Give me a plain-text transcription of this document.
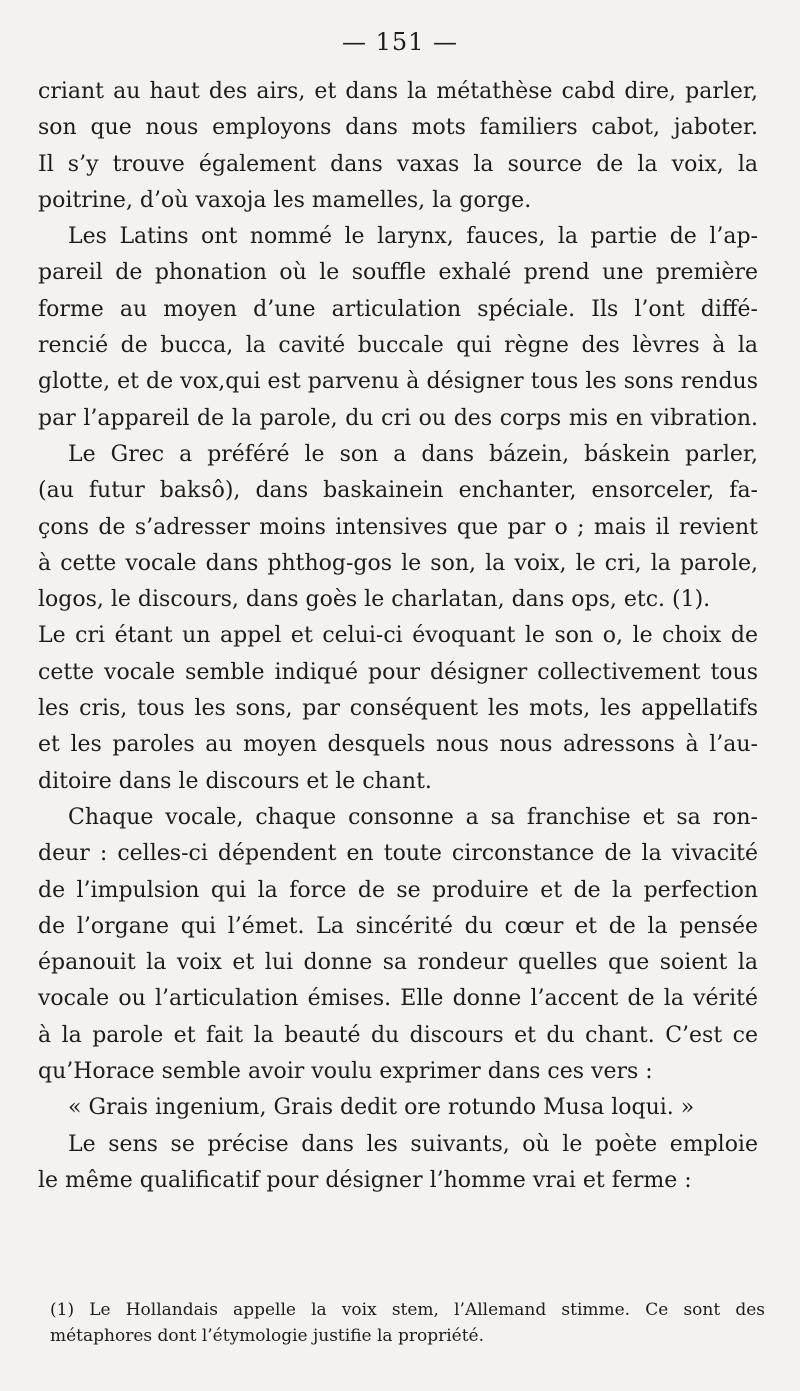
— 151 —
criant au haut des airs, et dans la métathèse cabd dire, parler,
son que nous employons dans mots familiers cabot, jaboter.
Il s’y trouve également dans vaxas la source de la voix, la
poitrine, d’où vaxoja les mamelles, la gorge.
Les Latins ont nommé le larynx, fauces, la partie de l’ap-
pareil de phonation où le souffle exhalé prend une première
forme au moyen d’une articulation spéciale. Ils l’ont diffé-
rencié de bucca, la cavité buccale qui règne des lèvres à la
glotte, et de vox,qui est parvenu à désigner tous les sons rendus
par l’appareil de la parole, du cri ou des corps mis en vibration.
Le Grec a préféré le son a dans bázein, báskein parler,
(au futur baksô), dans baskainein enchanter, ensorceler, fa-
çons de s’adresser moins intensives que par o ; mais il revient
à cette vocale dans phthog-gos le son, la voix, le cri, la parole,
logos, le discours, dans goès le charlatan, dans ops, etc. (1).
Le cri étant un appel et celui-ci évoquant le son o, le choix de
cette vocale semble indiqué pour désigner collectivement tous
les cris, tous les sons, par conséquent les mots, les appellatifs
et les paroles au moyen desquels nous nous adressons à l’au-
ditoire dans le discours et le chant.
Chaque vocale, chaque consonne a sa franchise et sa ron-
deur : celles-ci dépendent en toute circonstance de la vivacité
de l’impulsion qui la force de se produire et de la perfection
de l’organe qui l’émet. La sincérité du cœur et de la pensée
épanouit la voix et lui donne sa rondeur quelles que soient la
vocale ou l’articulation émises. Elle donne l’accent de la vérité
à la parole et fait la beauté du discours et du chant. C’est ce
qu’Horace semble avoir voulu exprimer dans ces vers :
« Grais ingenium, Grais dedit ore rotundo Musa loqui. »
Le sens se précise dans les suivants, où le poète emploie
le même qualificatif pour désigner l’homme vrai et ferme :
(1) Le Hollandais appelle la voix stem, l’Allemand stimme. Ce sont des
métaphores dont l’étymologie justifie la propriété.
